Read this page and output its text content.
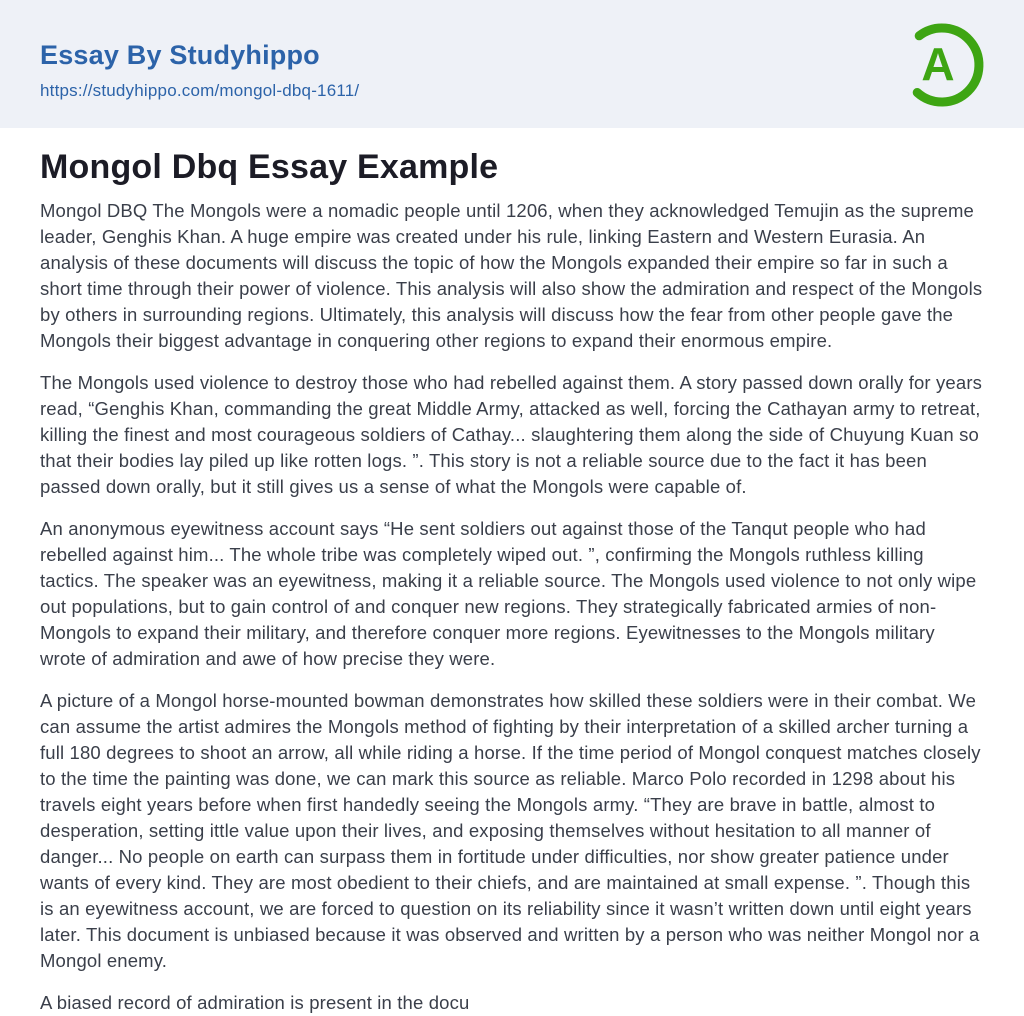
Essay By Studyhippo
https://studyhippo.com/mongol-dbq-1611/
A
Mongol Dbq Essay Example

Mongol DBQ The Mongols were a nomadic people until 1206, when they acknowledged Temujin as the supreme leader, Genghis Khan. A huge empire was created under his rule, linking Eastern and Western Eurasia. An analysis of these documents will discuss the topic of how the Mongols expanded their empire so far in such a short time through their power of violence. This analysis will also show the admiration and respect of the Mongols by others in surrounding regions. Ultimately, this analysis will discuss how the fear from other people gave the Mongols their biggest advantage in conquering other regions to expand their enormous empire.

The Mongols used violence to destroy those who had rebelled against them. A story passed down orally for years read, “Genghis Khan, commanding the great Middle Army, attacked as well, forcing the Cathayan army to retreat, killing the finest and most courageous soldiers of Cathay... slaughtering them along the side of Chuyung Kuan so that their bodies lay piled up like rotten logs. ”. This story is not a reliable source due to the fact it has been passed down orally, but it still gives us a sense of what the Mongols were capable of.

An anonymous eyewitness account says “He sent soldiers out against those of the Tanqut people who had rebelled against him... The whole tribe was completely wiped out. ”, confirming the Mongols ruthless killing tactics. The speaker was an eyewitness, making it a reliable source. The Mongols used violence to not only wipe out populations, but to gain control of and conquer new regions. They strategically fabricated armies of non-Mongols to expand their military, and therefore conquer more regions. Eyewitnesses to the Mongols military wrote of admiration and awe of how precise they were.

A picture of a Mongol horse-mounted bowman demonstrates how skilled these soldiers were in their combat. We can assume the artist admires the Mongols method of fighting by their interpretation of a skilled archer turning a full 180 degrees to shoot an arrow, all while riding a horse. If the time period of Mongol conquest matches closely to the time the painting was done, we can mark this source as reliable. Marco Polo recorded in 1298 about his travels eight years before when first handedly seeing the Mongols army. “They are brave in battle, almost to desperation, setting ittle value upon their lives, and exposing themselves without hesitation to all manner of danger... No people on earth can surpass them in fortitude under difficulties, nor show greater patience under wants of every kind. They are most obedient to their chiefs, and are maintained at small expense. ”. Though this is an eyewitness account, we are forced to question on its reliability since it wasn’t written down until eight years later. This document is unbiased because it was observed and written by a person who was neither Mongol nor a Mongol enemy.

A biased record of admiration is present in the docu
